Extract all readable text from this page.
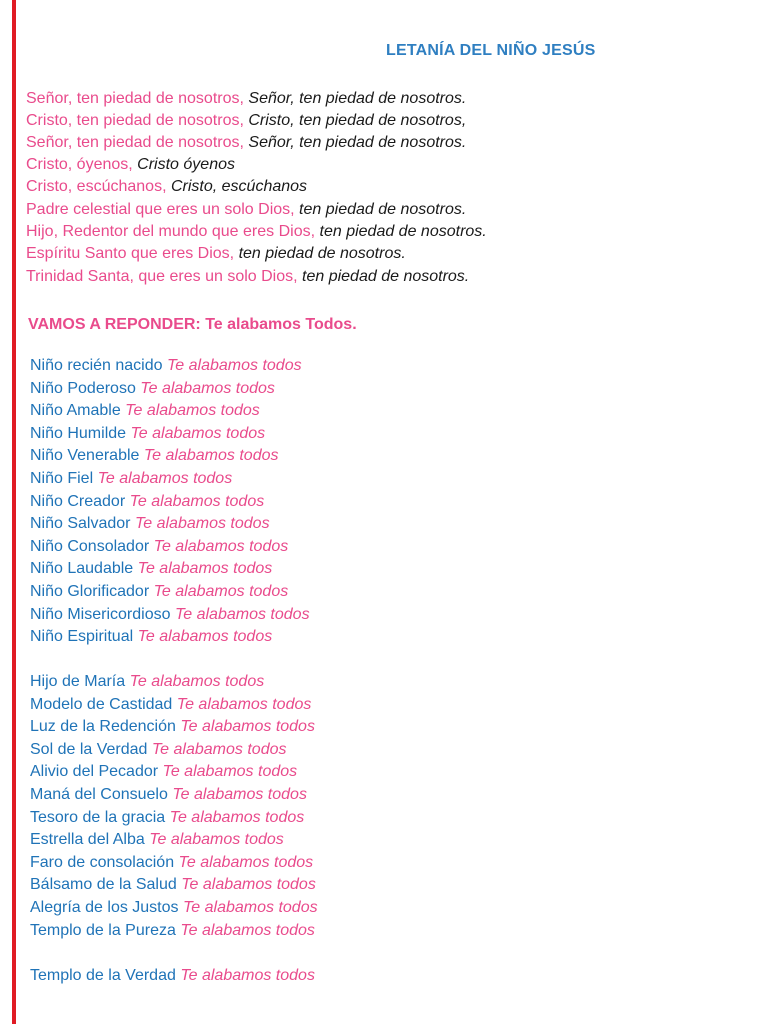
LETANÍA DEL NIÑO JESÚS
Señor, ten piedad de nosotros, Señor, ten piedad de nosotros.
Cristo, ten piedad de nosotros, Cristo, ten piedad de nosotros,
Señor, ten piedad de nosotros, Señor, ten piedad de nosotros.
Cristo, óyenos, Cristo óyenos
Cristo, escúchanos, Cristo, escúchanos
Padre celestial que eres un solo Dios, ten piedad de nosotros.
Hijo, Redentor del mundo que eres Dios, ten piedad de nosotros.
Espíritu Santo que eres Dios, ten piedad de nosotros.
Trinidad Santa, que eres un solo Dios, ten piedad de nosotros.
VAMOS A REPONDER: Te alabamos Todos.
Niño recién nacido Te alabamos todos
Niño Poderoso Te alabamos todos
Niño Amable Te alabamos todos
Niño Humilde Te alabamos todos
Niño Venerable Te alabamos todos
Niño Fiel Te alabamos todos
Niño Creador Te alabamos todos
Niño Salvador Te alabamos todos
Niño Consolador Te alabamos todos
Niño Laudable Te alabamos todos
Niño Glorificador Te alabamos todos
Niño Misericordioso Te alabamos todos
Niño Espiritual Te alabamos todos
Hijo de María Te alabamos todos
Modelo de Castidad Te alabamos todos
Luz de la Redención Te alabamos todos
Sol de la Verdad Te alabamos todos
Alivio del Pecador Te alabamos todos
Maná del Consuelo Te alabamos todos
Tesoro de la gracia Te alabamos todos
Estrella del Alba Te alabamos todos
Faro de consolación Te alabamos todos
Bálsamo de la Salud Te alabamos todos
Alegría de los Justos Te alabamos todos
Templo de la Pureza Te alabamos todos
Templo de la Verdad Te alabamos todos
